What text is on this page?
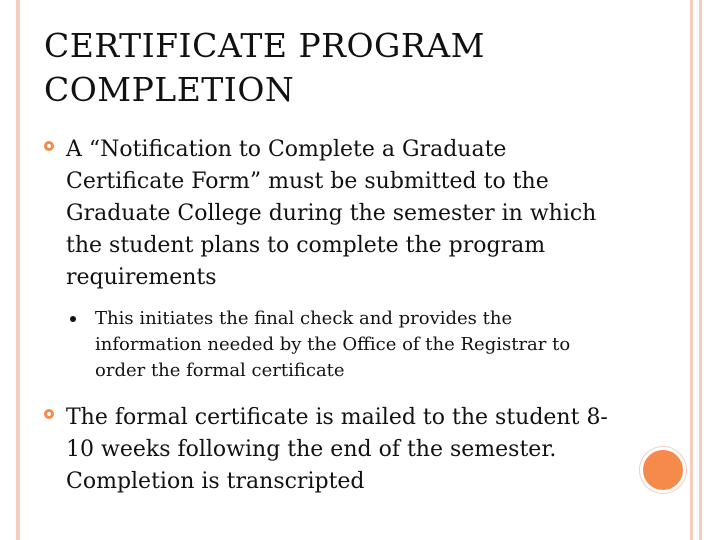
CERTIFICATE PROGRAM COMPLETION
A “Notification to Complete a Graduate Certificate Form” must be submitted to the Graduate College during the semester in which the student plans to complete the program requirements
This initiates the final check and provides the information needed by the Office of the Registrar to order the formal certificate
The formal certificate is mailed to the student 8-10 weeks following the end of the semester. Completion is transcripted
